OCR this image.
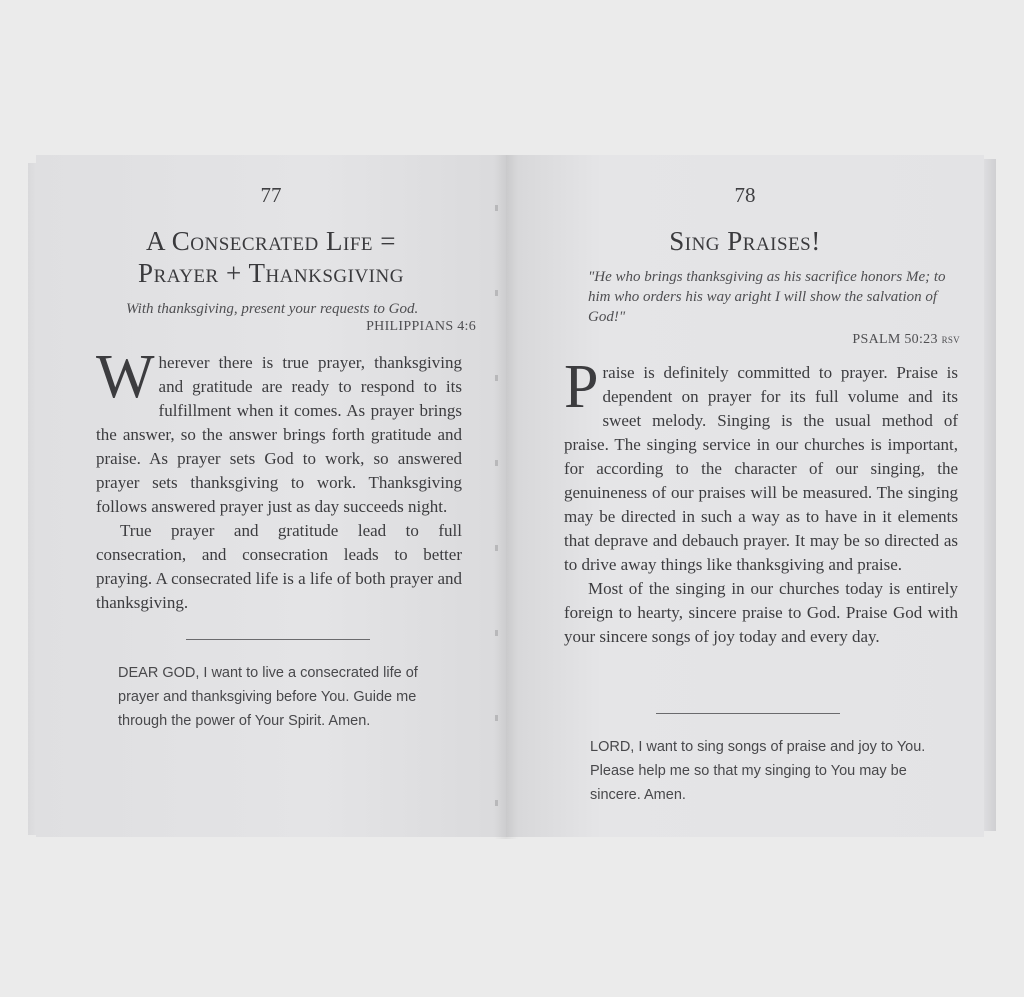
77
A Consecrated Life =
Prayer + Thanksgiving
With thanksgiving, present your requests to God.
PHILIPPIANS 4:6

Wherever there is true prayer, thanksgiving and gratitude are ready to respond to its fulfillment when it comes. As prayer brings the answer, so the answer brings forth gratitude and praise. As prayer sets God to work, so answered prayer sets thanksgiving to work. Thanksgiving follows answered prayer just as day succeeds night.

True prayer and gratitude lead to full consecration, and consecration leads to better praying. A consecrated life is a life of both prayer and thanksgiving.

DEAR GOD, I want to live a consecrated life of prayer and thanksgiving before You. Guide me through the power of Your Spirit. Amen.
78
Sing Praises!
"He who brings thanksgiving as his sacrifice honors Me; to him who orders his way aright I will show the salvation of God!"
PSALM 50:23 rsv

Praise is definitely committed to prayer. Praise is dependent on prayer for its full volume and its sweet melody. Singing is the usual method of praise. The singing service in our churches is important, for according to the character of our singing, the genuineness of our praises will be measured. The singing may be directed in such a way as to have in it elements that deprave and debauch prayer. It may be so directed as to drive away things like thanksgiving and praise.

Most of the singing in our churches today is entirely foreign to hearty, sincere praise to God. Praise God with your sincere songs of joy today and every day.

LORD, I want to sing songs of praise and joy to You. Please help me so that my singing to You may be sincere. Amen.
